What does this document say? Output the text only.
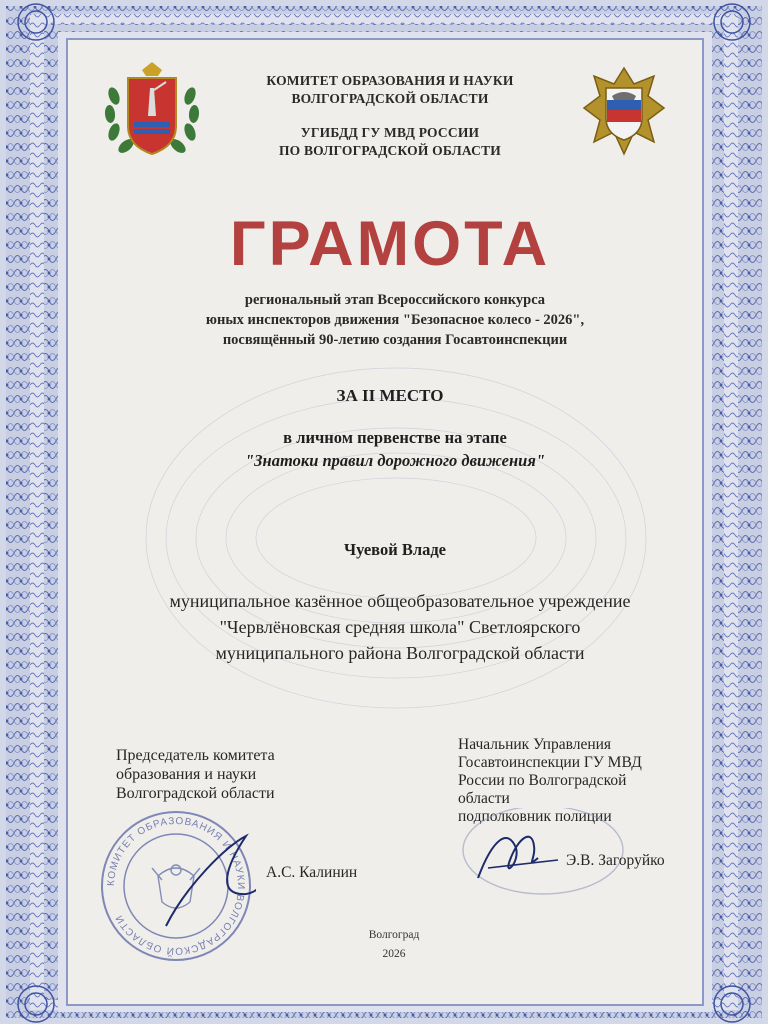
КОМИТЕТ ОБРАЗОВАНИЯ И НАУКИ
ВОЛГОГРАДСКОЙ ОБЛАСТИ
УГИБДД ГУ МВД РОССИИ
ПО ВОЛГОГРАДСКОЙ ОБЛАСТИ
ГРАМОТА
региональный этап Всероссийского конкурса
юных инспекторов движения "Безопасное колесо - 2026",
посвящённый 90-летию создания Госавтоинспекции
ЗА II МЕСТО
в личном первенстве на этапе
"Знатоки правил дорожного движения"
Чуевой Владе
муниципальное казённое общеобразовательное учреждение
"Червлёновская средняя школа" Светлоярского
муниципального района Волгоградской области
Председатель комитета
образования и науки
Волгоградской области
КОМИТЕТ ОБРАЗОВАНИЯ И НАУКИ ВОЛГОГРАДСКОЙ ОБЛАСТИ
А.С. Калинин
Начальник Управления
Госавтоинспекции ГУ МВД
России по Волгоградской
области
подполковник полиции
Э.В. Загоруйко
Волгоград
2026
